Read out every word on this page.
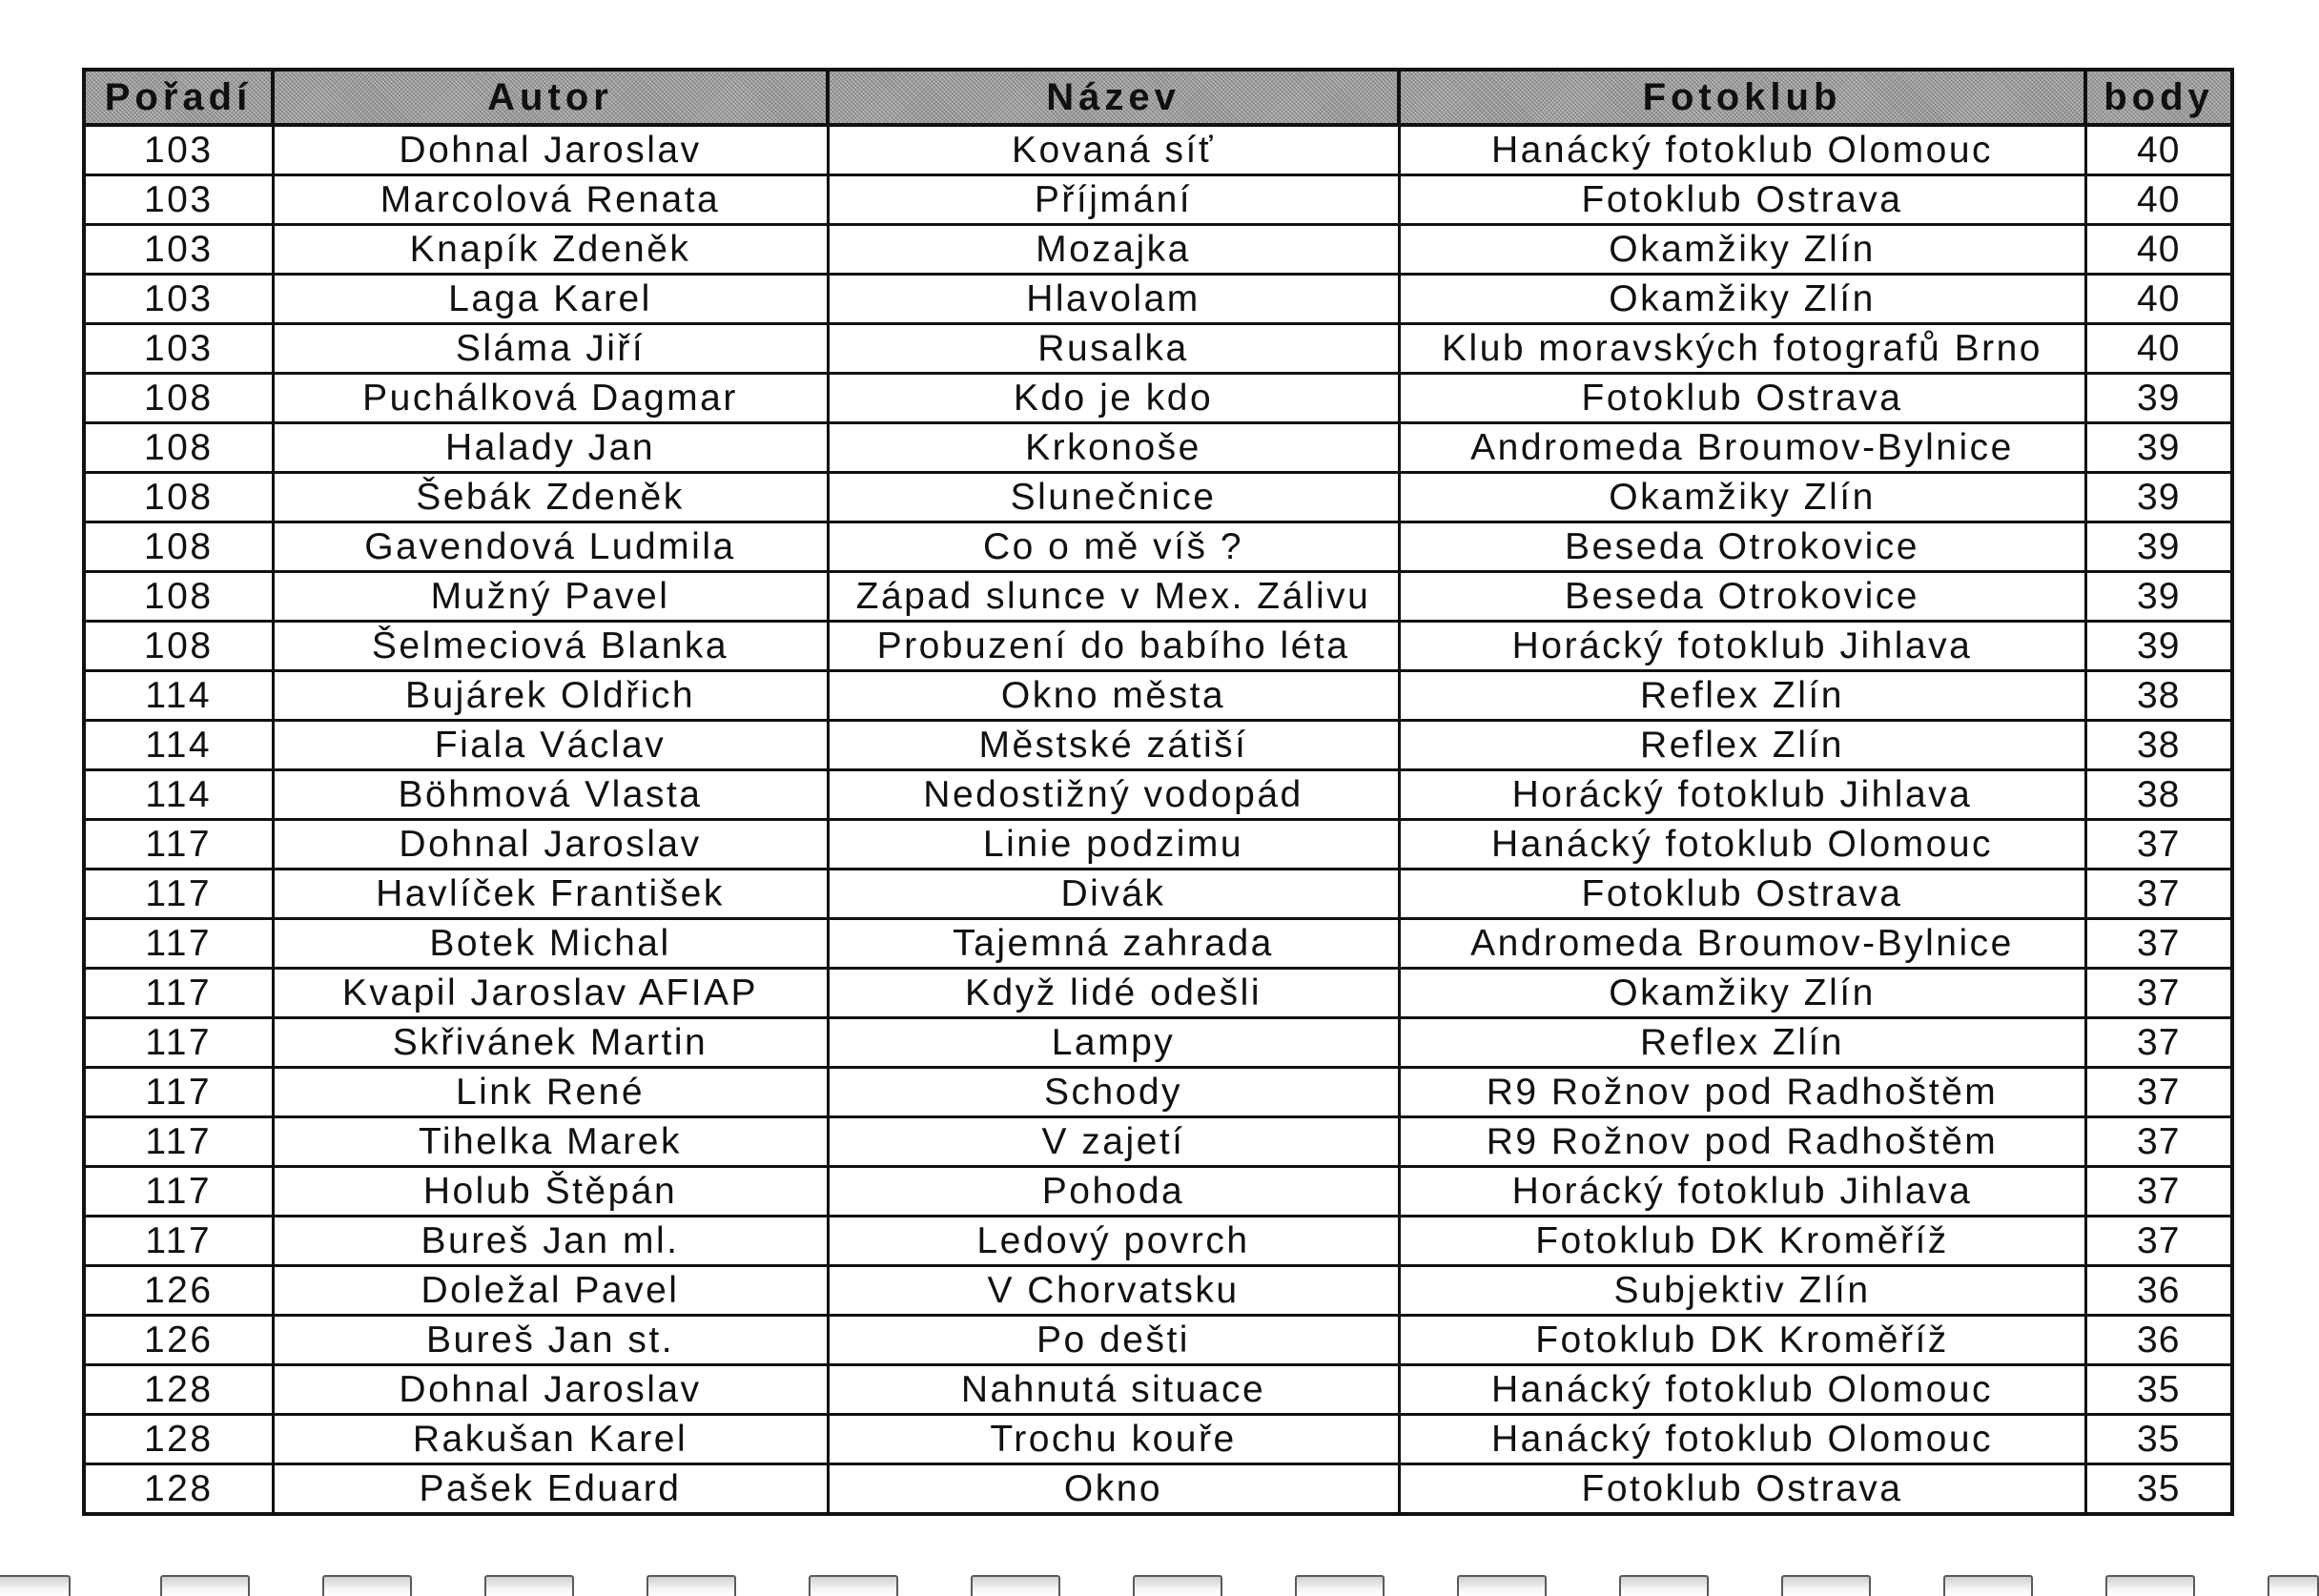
Pořadí	Autor	Název	Fotoklub	body
103	Dohnal Jaroslav	Kovaná síť	Hanácký fotoklub Olomouc	40
103	Marcolová Renata	Příjmání	Fotoklub Ostrava	40
103	Knapík Zdeněk	Mozajka	Okamžiky Zlín	40
103	Laga Karel	Hlavolam	Okamžiky Zlín	40
103	Sláma Jiří	Rusalka	Klub moravských fotografů Brno	40
108	Puchálková Dagmar	Kdo je kdo	Fotoklub Ostrava	39
108	Halady Jan	Krkonoše	Andromeda Broumov-Bylnice	39
108	Šebák Zdeněk	Slunečnice	Okamžiky Zlín	39
108	Gavendová Ludmila	Co o mě víš ?	Beseda Otrokovice	39
108	Mužný Pavel	Západ slunce v Mex. Zálivu	Beseda Otrokovice	39
108	Šelmeciová Blanka	Probuzení do babího léta	Horácký fotoklub Jihlava	39
114	Bujárek Oldřich	Okno města	Reflex Zlín	38
114	Fiala Václav	Městské zátiší	Reflex Zlín	38
114	Böhmová Vlasta	Nedostižný vodopád	Horácký fotoklub Jihlava	38
117	Dohnal Jaroslav	Linie podzimu	Hanácký fotoklub Olomouc	37
117	Havlíček František	Divák	Fotoklub Ostrava	37
117	Botek Michal	Tajemná zahrada	Andromeda Broumov-Bylnice	37
117	Kvapil Jaroslav AFIAP	Když lidé odešli	Okamžiky Zlín	37
117	Skřivánek Martin	Lampy	Reflex Zlín	37
117	Link René	Schody	R9 Rožnov pod Radhoštěm	37
117	Tihelka Marek	V zajetí	R9 Rožnov pod Radhoštěm	37
117	Holub Štěpán	Pohoda	Horácký fotoklub Jihlava	37
117	Bureš Jan ml.	Ledový povrch	Fotoklub DK Kroměříž	37
126	Doležal Pavel	V Chorvatsku	Subjektiv Zlín	36
126	Bureš Jan st.	Po dešti	Fotoklub DK Kroměříž	36
128	Dohnal Jaroslav	Nahnutá situace	Hanácký fotoklub Olomouc	35
128	Rakušan Karel	Trochu kouře	Hanácký fotoklub Olomouc	35
128	Pašek Eduard	Okno	Fotoklub Ostrava	35
